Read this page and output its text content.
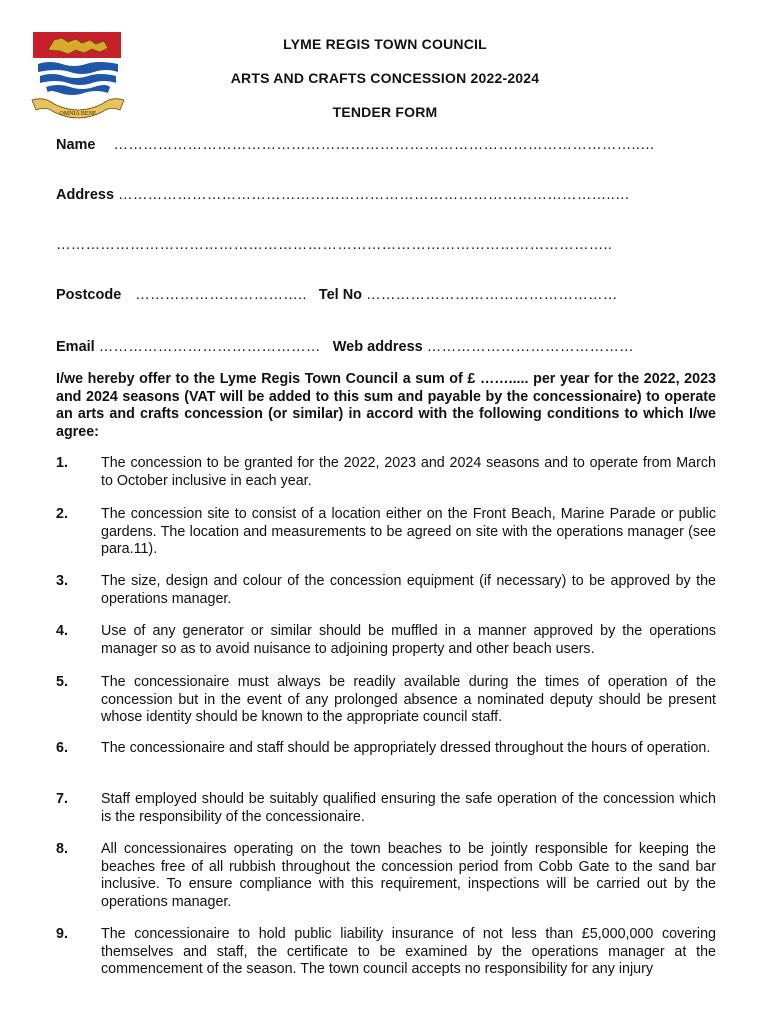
OMNIA BENE
LYME REGIS TOWN COUNCIL
ARTS AND CRAFTS CONCESSION 2022-2024
TENDER FORM
Name ……………………………………………………………………………………………..…
Address ………………………………………………………………………………………..…
…………………………………………………………………………………………………..
Postcode …………………………….. Tel No ……………………………………………
Email ……………………………………… Web address ……………………………………
I/we hereby offer to the Lyme Regis Town Council a sum of £ ……..... per year for the 2022, 2023 and 2024 seasons (VAT will be added to this sum and payable by the concessionaire) to operate an arts and crafts concession (or similar) in accord with the following conditions to which I/we agree:
1. The concession to be granted for the 2022, 2023 and 2024 seasons and to operate from March to October inclusive in each year.
2. The concession site to consist of a location either on the Front Beach, Marine Parade or public gardens. The location and measurements to be agreed on site with the operations manager (see para.11).
3. The size, design and colour of the concession equipment (if necessary) to be approved by the operations manager.
4. Use of any generator or similar should be muffled in a manner approved by the operations manager so as to avoid nuisance to adjoining property and other beach users.
5. The concessionaire must always be readily available during the times of operation of the concession but in the event of any prolonged absence a nominated deputy should be present whose identity should be known to the appropriate council staff.
6. The concessionaire and staff should be appropriately dressed throughout the hours of operation.
7. Staff employed should be suitably qualified ensuring the safe operation of the concession which is the responsibility of the concessionaire.
8. All concessionaires operating on the town beaches to be jointly responsible for keeping the beaches free of all rubbish throughout the concession period from Cobb Gate to the sand bar inclusive. To ensure compliance with this requirement, inspections will be carried out by the operations manager.
9. The concessionaire to hold public liability insurance of not less than £5,000,000 covering themselves and staff, the certificate to be examined by the operations manager at the commencement of the season. The town council accepts no responsibility for any injury
